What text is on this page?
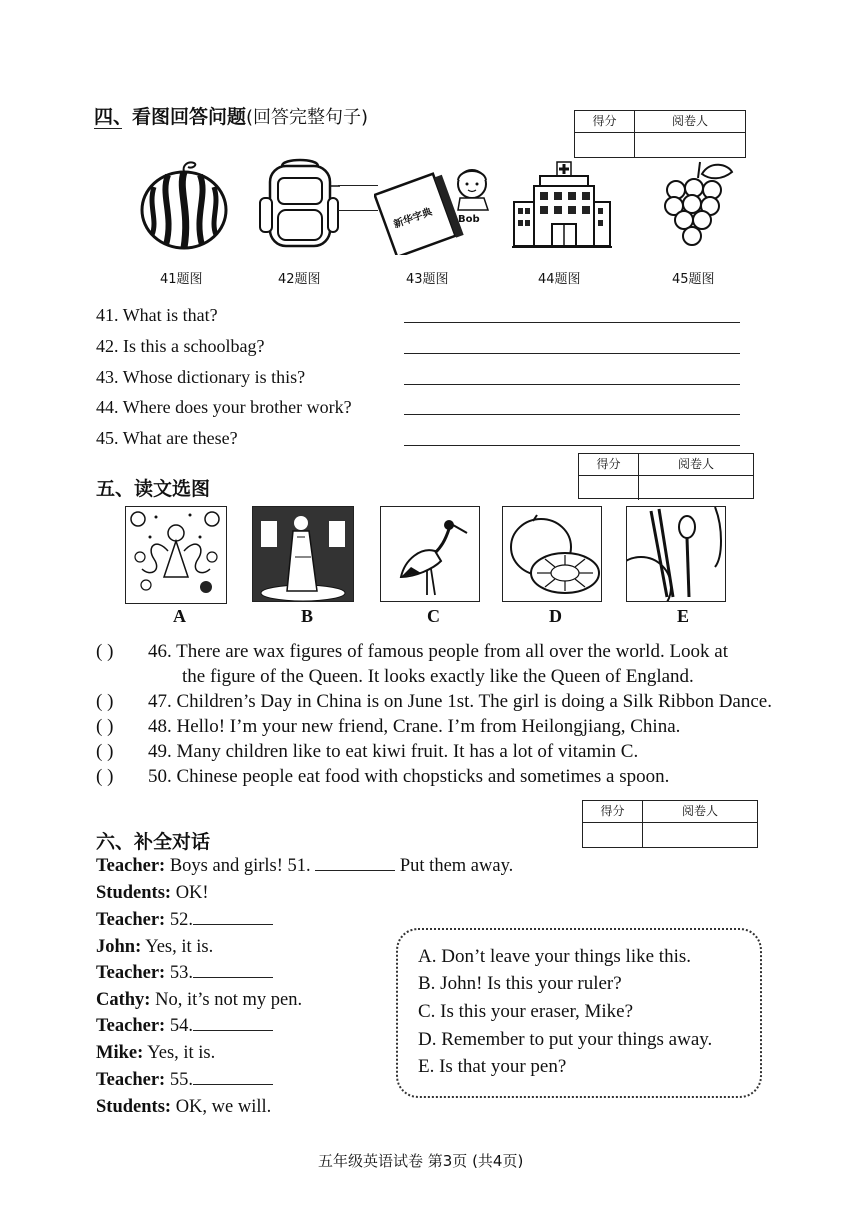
四、看图回答问题(回答完整句子)	得分	阅卷人
新华字典 Bob
41题图	42题图	43题图	44题图	45题图
41. What is that?
42. Is this a schoolbag?
43. Whose dictionary is this?
44. Where does your brother work?
45. What are these?
五、读文选图
得分	阅卷人
A	B	C	D	E
( ) 46. There are wax figures of famous people from all over the world. Look at
the figure of the Queen. It looks exactly like the Queen of England.
( ) 47. Children’s Day in China is on June 1st. The girl is doing a Silk Ribbon Dance.
( ) 48. Hello! I’m your new friend, Crane. I’m from Heilongjiang, China.
( ) 49. Many children like to eat kiwi fruit. It has a lot of vitamin C.
( ) 50. Chinese people eat food with chopsticks and sometimes a spoon.
六、补全对话
得分	阅卷人
Teacher: Boys and girls! 51.	Put them away.
Students: OK!
Teacher: 52.
John: Yes, it is.
Teacher: 53.
Cathy: No, it’s not my pen.
Teacher: 54.
Mike: Yes, it is.
Teacher: 55.
Students: OK, we will.
A. Don’t leave your things like this.
B. John! Is this your ruler?
C. Is this your eraser, Mike?
D. Remember to put your things away.
E. Is that your pen?
五年级英语试卷 第3页 (共4页)
